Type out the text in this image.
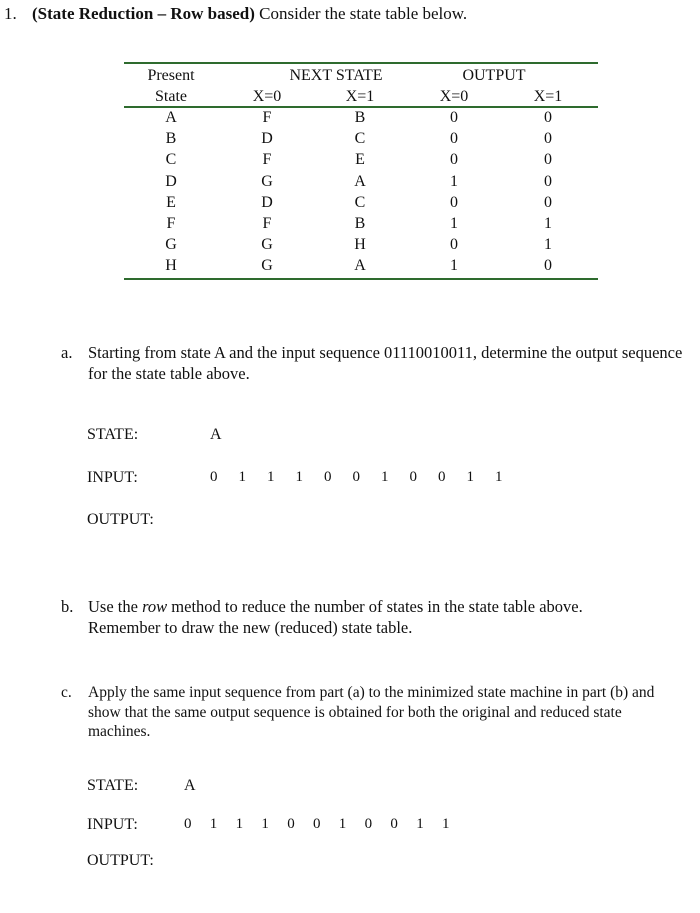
1. (State Reduction – Row based) Consider the state table below.
Present
State
NEXT STATE	OUTPUT
X=0	X=1	X=0	X=1
A	F	B	0	0
B	D	C	0	0
C	F	E	0	0
D	G	A	1	0
E	D	C	0	0
F	F	B	1	1
G	G	H	0	1
H	G	A	1	0
a. Starting from state A and the input sequence 01110010011, determine the output sequence for the state table above.
STATE:	A
INPUT:	0 1 1 1 0 0 1 0 0 1 1
OUTPUT:
b. Use the row method to reduce the number of states in the state table above. Remember to draw the new (reduced) state table.
c. Apply the same input sequence from part (a) to the minimized state machine in part (b) and show that the same output sequence is obtained for both the original and reduced state machines.
STATE:	A
INPUT:	0 1 1 1 0 0 1 0 0 1 1
OUTPUT:
